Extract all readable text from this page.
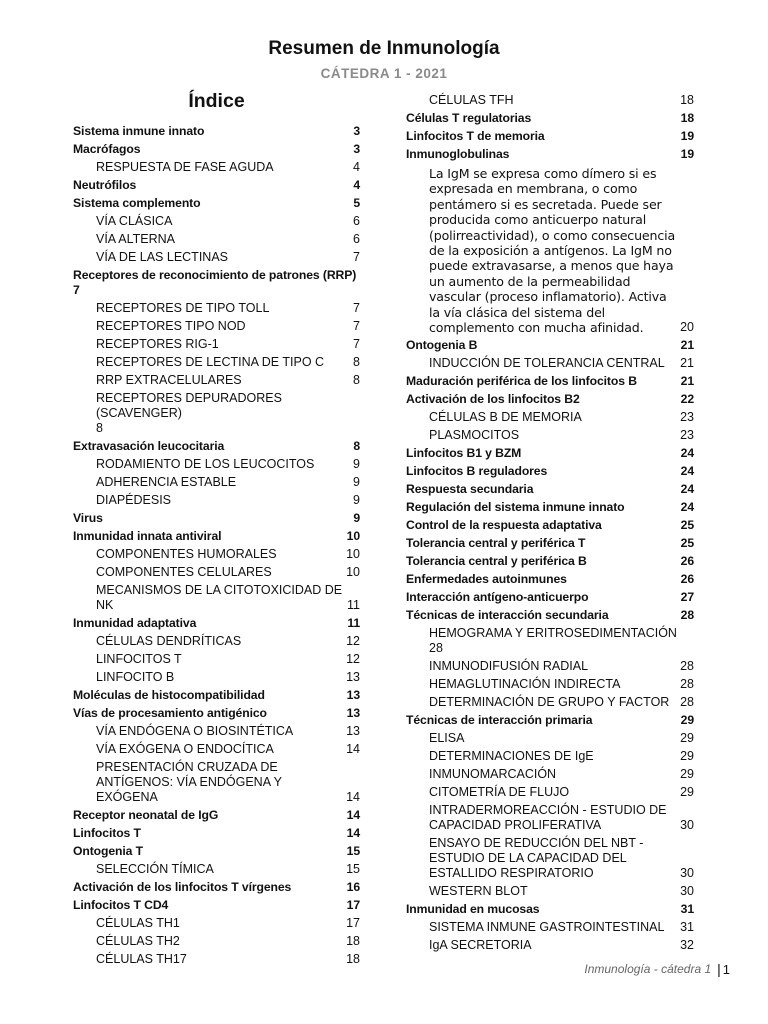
Resumen de Inmunología
CÁTEDRA 1 - 2021
Índice
Sistema inmune innato	3
Macrófagos	3
RESPUESTA DE FASE AGUDA	4
Neutrófilos	4
Sistema complemento	5
VÍA CLÁSICA	6
VÍA ALTERNA	6
VÍA DE LAS LECTINAS	7
Receptores de reconocimiento de patrones (RRP)
7
RECEPTORES DE TIPO TOLL	7
RECEPTORES TIPO NOD	7
RECEPTORES RIG-1	7
RECEPTORES DE LECTINA DE TIPO C 8
RRP EXTRACELULARES	8
RECEPTORES DEPURADORES (SCAVENGER)
8
Extravasación leucocitaria	8
RODAMIENTO DE LOS LEUCOCITOS	9
ADHERENCIA ESTABLE	9
DIAPÉDESIS	9
Virus	9
Inmunidad innata antiviral	10
COMPONENTES HUMORALES	10
COMPONENTES CELULARES	10
MECANISMOS DE LA CITOTOXICIDAD DE NK	11
Inmunidad adaptativa	11
CÉLULAS DENDRÍTICAS	12
LINFOCITOS T	12
LINFOCITO B	13
Moléculas de histocompatibilidad	13
Vías de procesamiento antigénico	13
VÍA ENDÓGENA O BIOSINTÉTICA	13
VÍA EXÓGENA O ENDOCÍTICA	14
PRESENTACIÓN CRUZADA DE ANTÍGENOS: VÍA ENDÓGENA Y EXÓGENA	14
Receptor neonatal de IgG	14
Linfocitos T	14
Ontogenia T	15
SELECCIÓN TÍMICA	15
Activación de los linfocitos T vírgenes	16
Linfocitos T CD4	17
CÉLULAS TH1	17
CÉLULAS TH2	18
CÉLULAS TH17	18
CÉLULAS TFH	18
Células T regulatorias	18
Linfocitos T de memoria	19
Inmunoglobulinas	19
La IgM se expresa como dímero si es expresada en membrana, o como pentámero si es secretada. Puede ser producida como anticuerpo natural (polirreactividad), o como consecuencia de la exposición a antígenos. La IgM no puede extravasarse, a menos que haya un aumento de la permeabilidad vascular (proceso inflamatorio). Activa la vía clásica del sistema del complemento con mucha afinidad.	20
Ontogenia B	21
INDUCCIÓN DE TOLERANCIA CENTRAL 21
Maduración periférica de los linfocitos B	21
Activación de los linfocitos B2	22
CÉLULAS B DE MEMORIA	23
PLASMOCITOS	23
Linfocitos B1 y BZM	24
Linfocitos B reguladores	24
Respuesta secundaria	24
Regulación del sistema inmune innato	24
Control de la respuesta adaptativa	25
Tolerancia central y periférica T	25
Tolerancia central y periférica B	26
Enfermedades autoinmunes	26
Interacción antígeno-anticuerpo	27
Técnicas de interacción secundaria	28
HEMOGRAMA Y ERITROSEDIMENTACIÓN
28
INMUNODIFUSIÓN RADIAL	28
HEMAGLUTINACIÓN INDIRECTA	28
DETERMINACIÓN DE GRUPO Y FACTOR 28
Técnicas de interacción primaria	29
ELISA	29
DETERMINACIONES DE IgE	29
INMUNOMARCACIÓN	29
CITOMETRÍA DE FLUJO	29
INTRADERMOREACCIÓN - ESTUDIO DE CAPACIDAD PROLIFERATIVA	30
ENSAYO DE REDUCCIÓN DEL NBT - ESTUDIO DE LA CAPACIDAD DEL ESTALLIDO RESPIRATORIO	30
WESTERN BLOT	30
Inmunidad en mucosas	31
SISTEMA INMUNE GASTROINTESTINAL 31
IgA SECRETORIA	32
Inmunología - cátedra 1 | 1
